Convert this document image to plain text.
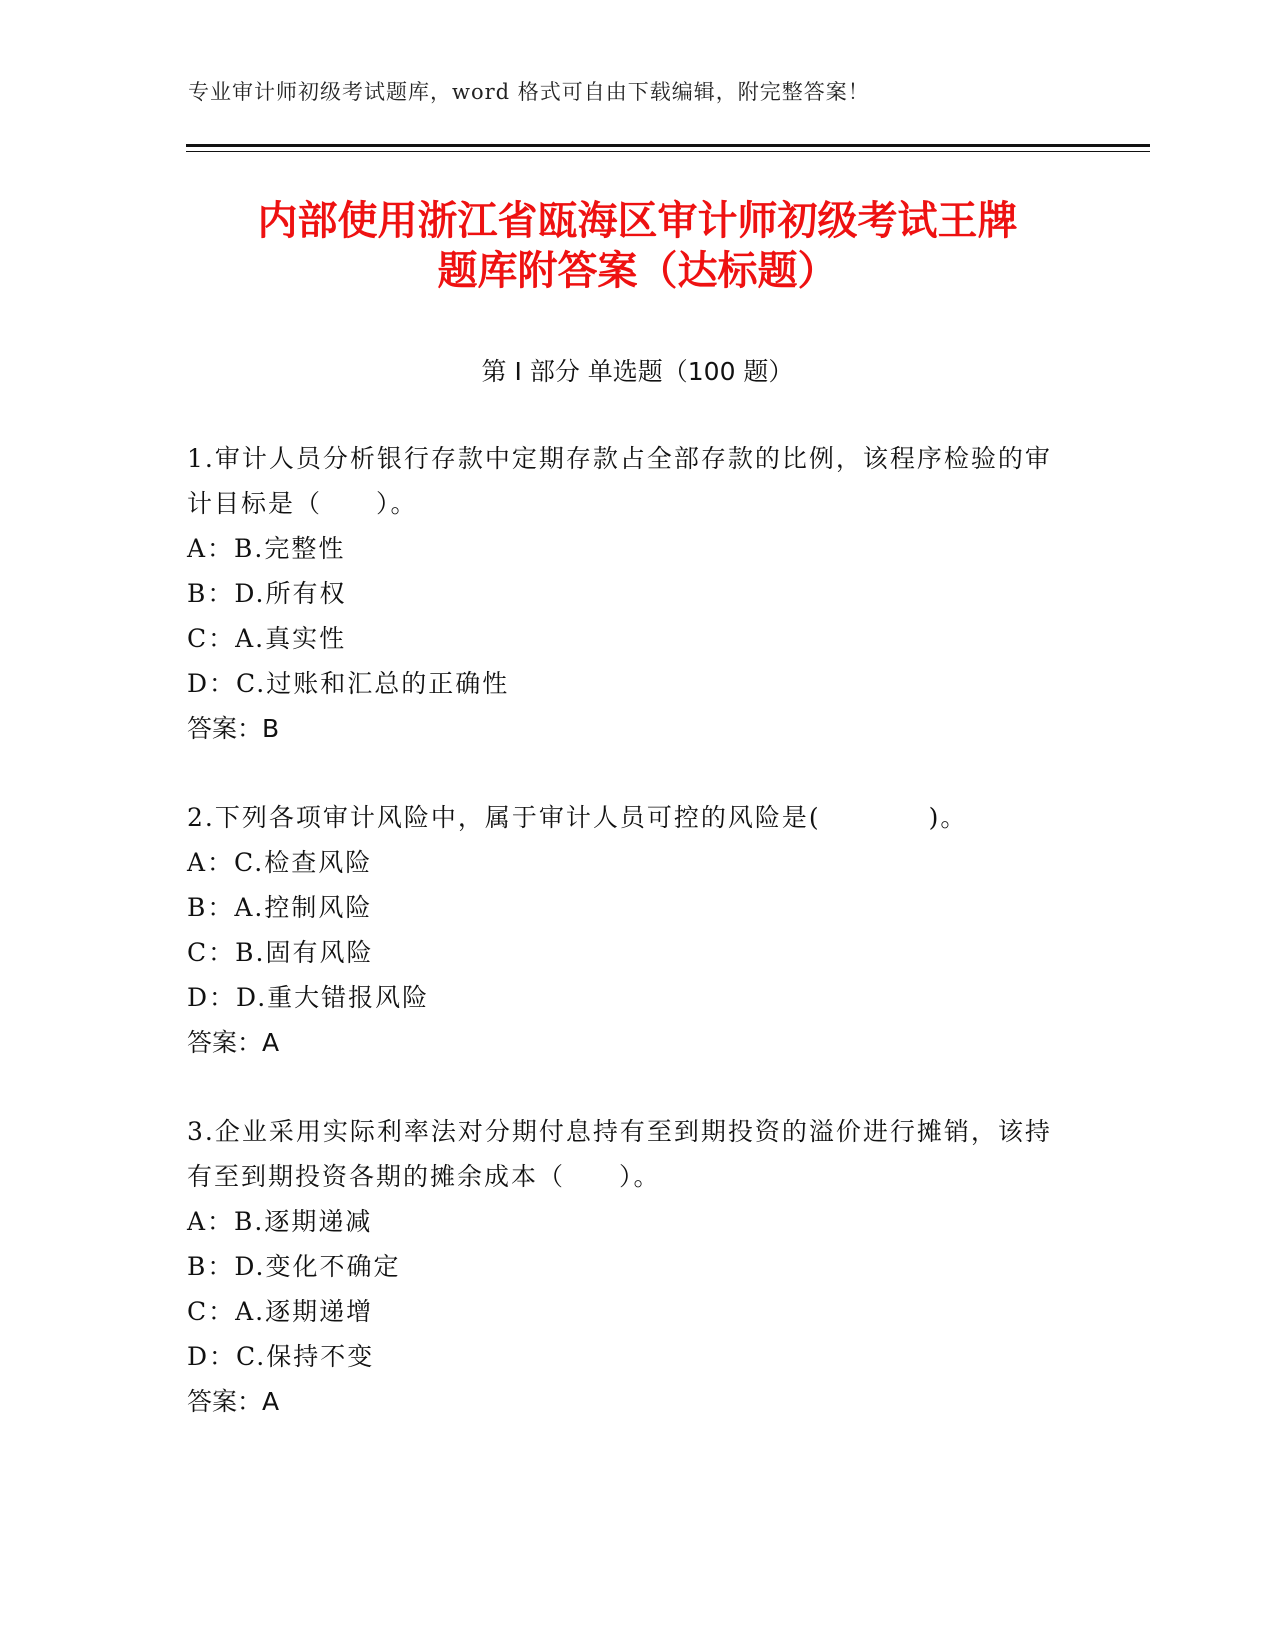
专业审计师初级考试题库，word 格式可自由下载编辑，附完整答案！
内部使用浙江省瓯海区审计师初级考试王牌
题库附答案（达标题）
第 I 部分 单选题（100 题）
1.审计人员分析银行存款中定期存款占全部存款的比例，该程序检验的审计目标是（　　）。
A：B.完整性
B：D.所有权
C：A.真实性
D：C.过账和汇总的正确性
答案：B
2.下列各项审计风险中，属于审计人员可控的风险是(　　　　)。
A：C.检查风险
B：A.控制风险
C：B.固有风险
D：D.重大错报风险
答案：A
3.企业采用实际利率法对分期付息持有至到期投资的溢价进行摊销，该持有至到期投资各期的摊余成本（　　）。
A：B.逐期递减
B：D.变化不确定
C：A.逐期递增
D：C.保持不变
答案：A
